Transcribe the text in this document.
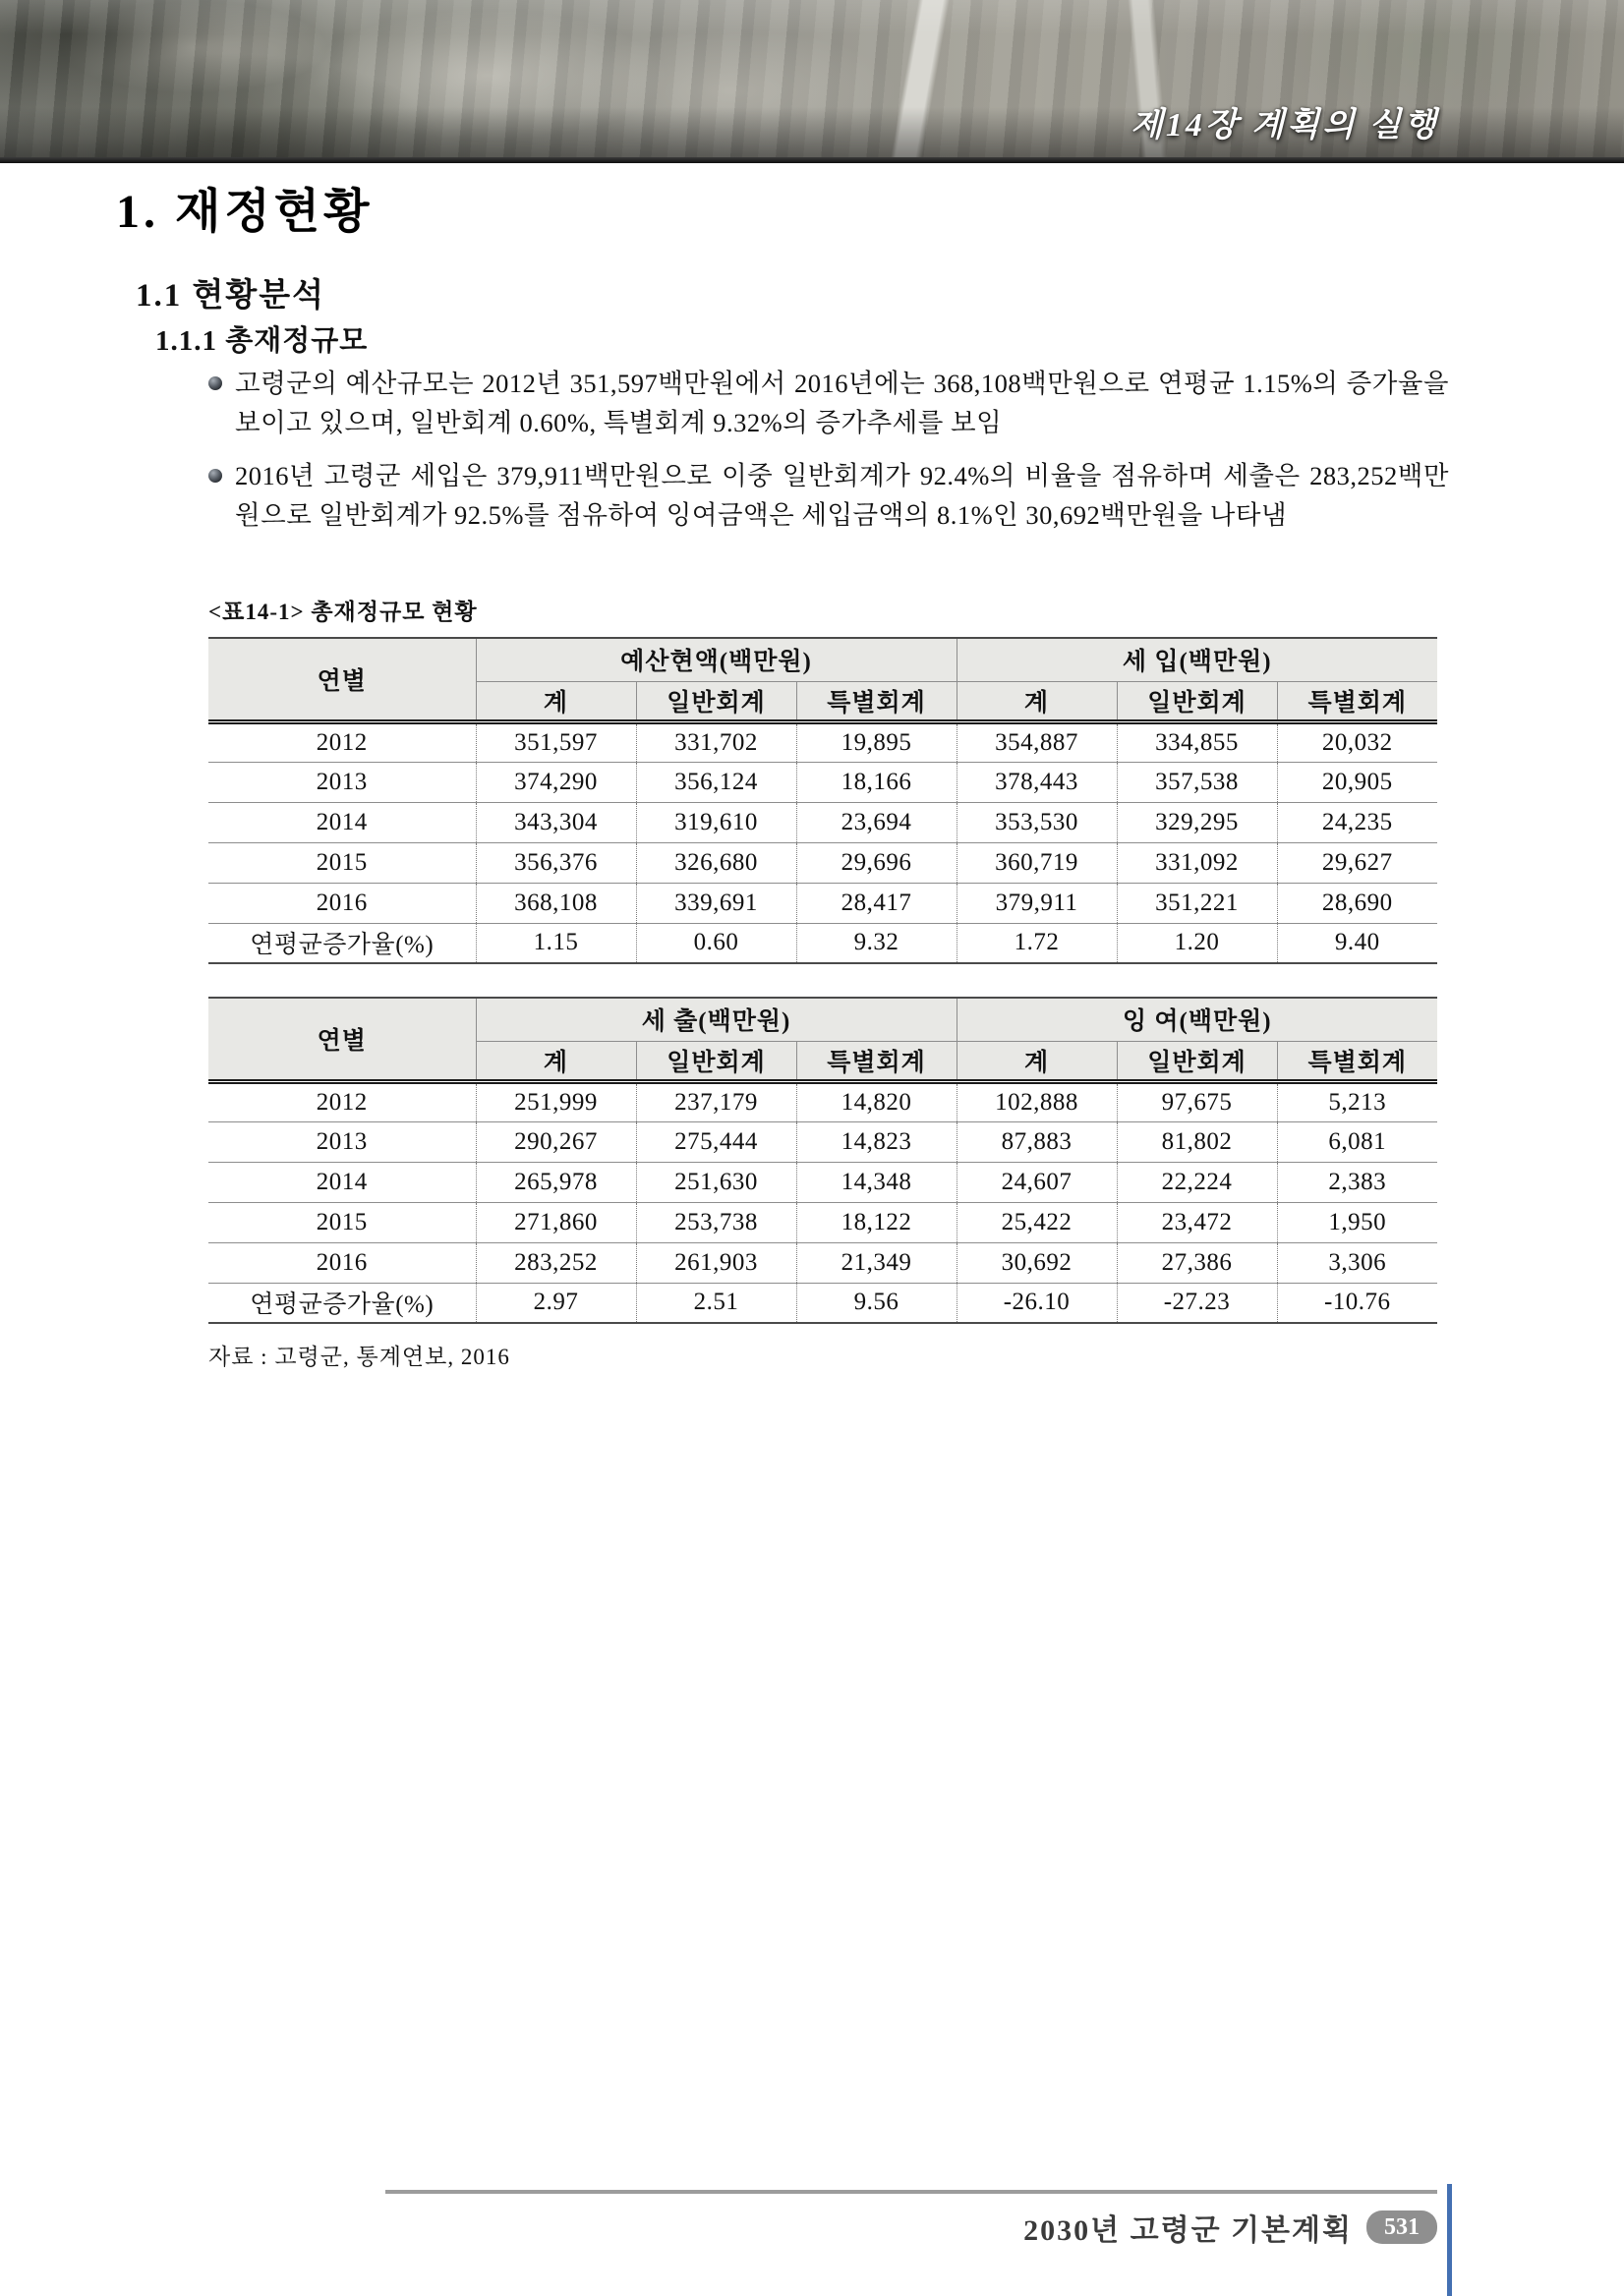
제14장 계획의 실행
1. 재정현황
1.1 현황분석
1.1.1 총재정규모
고령군의 예산규모는 2012년 351,597백만원에서 2016년에는 368,108백만원으로 연평균 1.15%의 증가율을 보이고 있으며, 일반회계 0.60%, 특별회계 9.32%의 증가추세를 보임
2016년 고령군 세입은 379,911백만원으로 이중 일반회계가 92.4%의 비율을 점유하며 세출은 283,252백만원으로 일반회계가 92.5%를 점유하여 잉여금액은 세입금액의 8.1%인 30,692백만원을 나타냄
<표14-1> 총재정규모 현황
연별	예산현액(백만원)			세 입(백만원)		
	계	일반회계	특별회계	계	일반회계	특별회계
2012	351,597	331,702	19,895	354,887	334,855	20,032
2013	374,290	356,124	18,166	378,443	357,538	20,905
2014	343,304	319,610	23,694	353,530	329,295	24,235
2015	356,376	326,680	29,696	360,719	331,092	29,627
2016	368,108	339,691	28,417	379,911	351,221	28,690
연평균증가율(%)	1.15	0.60	9.32	1.72	1.20	9.40
연별	세 출(백만원)			잉 여(백만원)		
	계	일반회계	특별회계	계	일반회계	특별회계
2012	251,999	237,179	14,820	102,888	97,675	5,213
2013	290,267	275,444	14,823	87,883	81,802	6,081
2014	265,978	251,630	14,348	24,607	22,224	2,383
2015	271,860	253,738	18,122	25,422	23,472	1,950
2016	283,252	261,903	21,349	30,692	27,386	3,306
연평균증가율(%)	2.97	2.51	9.56	-26.10	-27.23	-10.76
자료 : 고령군, 통계연보, 2016
2030년 고령군 기본계획	531
